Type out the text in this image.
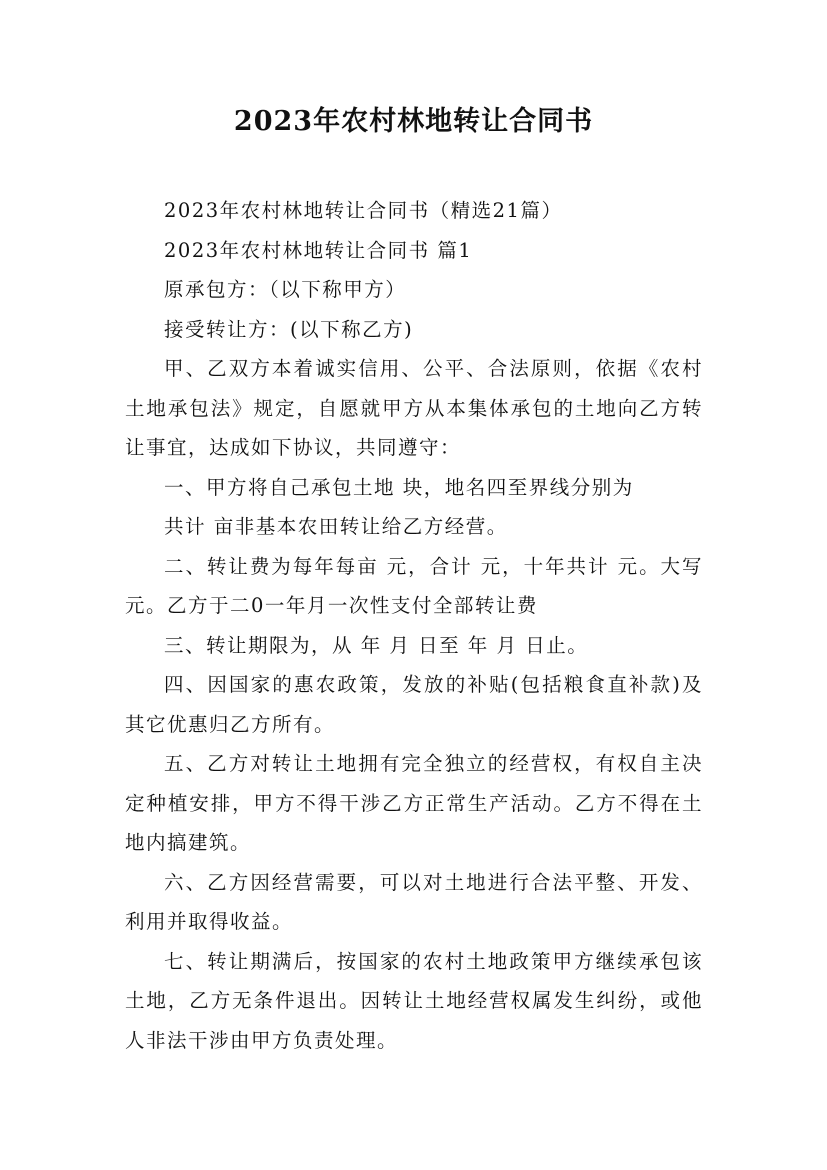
2023年农村林地转让合同书

2023年农村林地转让合同书（精选21篇）

2023年农村林地转让合同书 篇1

原承包方：（以下称甲方）

接受转让方：(以下称乙方)

甲、乙双方本着诚实信用、公平、合法原则，依据《农村土地承包法》规定，自愿就甲方从本集体承包的土地向乙方转让事宜，达成如下协议，共同遵守：

一、甲方将自己承包土地 块，地名四至界线分别为

共计 亩非基本农田转让给乙方经营。

二、转让费为每年每亩 元，合计 元，十年共计 元。大写 元。乙方于二0一年月一次性支付全部转让费

三、转让期限为，从 年 月 日至 年 月 日止。

四、因国家的惠农政策，发放的补贴(包括粮食直补款)及其它优惠归乙方所有。

五、乙方对转让土地拥有完全独立的经营权，有权自主决定种植安排，甲方不得干涉乙方正常生产活动。乙方不得在土地内搞建筑。

六、乙方因经营需要，可以对土地进行合法平整、开发、利用并取得收益。

七、转让期满后，按国家的农村土地政策甲方继续承包该土地，乙方无条件退出。因转让土地经营权属发生纠纷，或他人非法干涉由甲方负责处理。
